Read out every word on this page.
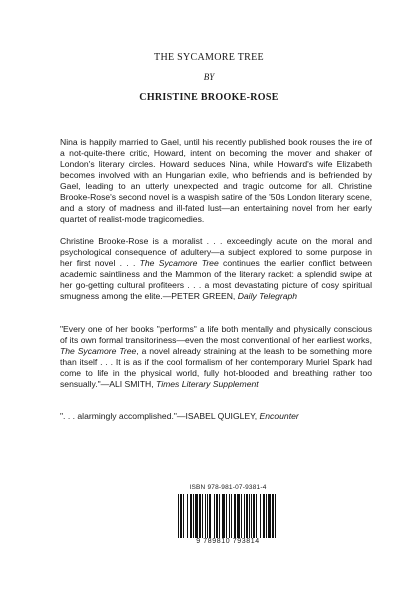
THE SYCAMORE TREE
BY
CHRISTINE BROOKE-ROSE

Nina is happily married to Gael, until his recently published book rouses the ire of a not-quite-there critic, Howard, intent on becoming the mover and shaker of London's literary circles. Howard seduces Nina, while Howard's wife Elizabeth becomes involved with an Hungarian exile, who befriends and is befriended by Gael, leading to an utterly unexpected and tragic outcome for all. Christine Brooke-Rose's second novel is a waspish satire of the '50s London literary scene, and a story of madness and ill-fated lust—an entertaining novel from her early quartet of realist-mode tragicomedies.

Christine Brooke-Rose is a moralist . . . exceedingly acute on the moral and psychological consequence of adultery—a subject explored to some purpose in her first novel . . . The Sycamore Tree continues the earlier conflict between academic saintliness and the Mammon of the literary racket: a splendid swipe at her go-getting cultural profiteers . . . a most devastating picture of cosy spiritual smugness among the elite.—PETER GREEN, Daily Telegraph

"Every one of her books "performs" a life both mentally and physically conscious of its own formal transitoriness—even the most conventional of her earliest works, The Sycamore Tree, a novel already straining at the leash to be something more than itself . . . It is as if the cool formalism of her contemporary Muriel Spark had come to life in the physical world, fully hot-blooded and breathing rather too sensually."—ALI SMITH, Times Literary Supplement

". . . alarmingly accomplished."—ISABEL QUIGLEY, Encounter

ISBN 978-981-07-9381-4
9 789810 793814
